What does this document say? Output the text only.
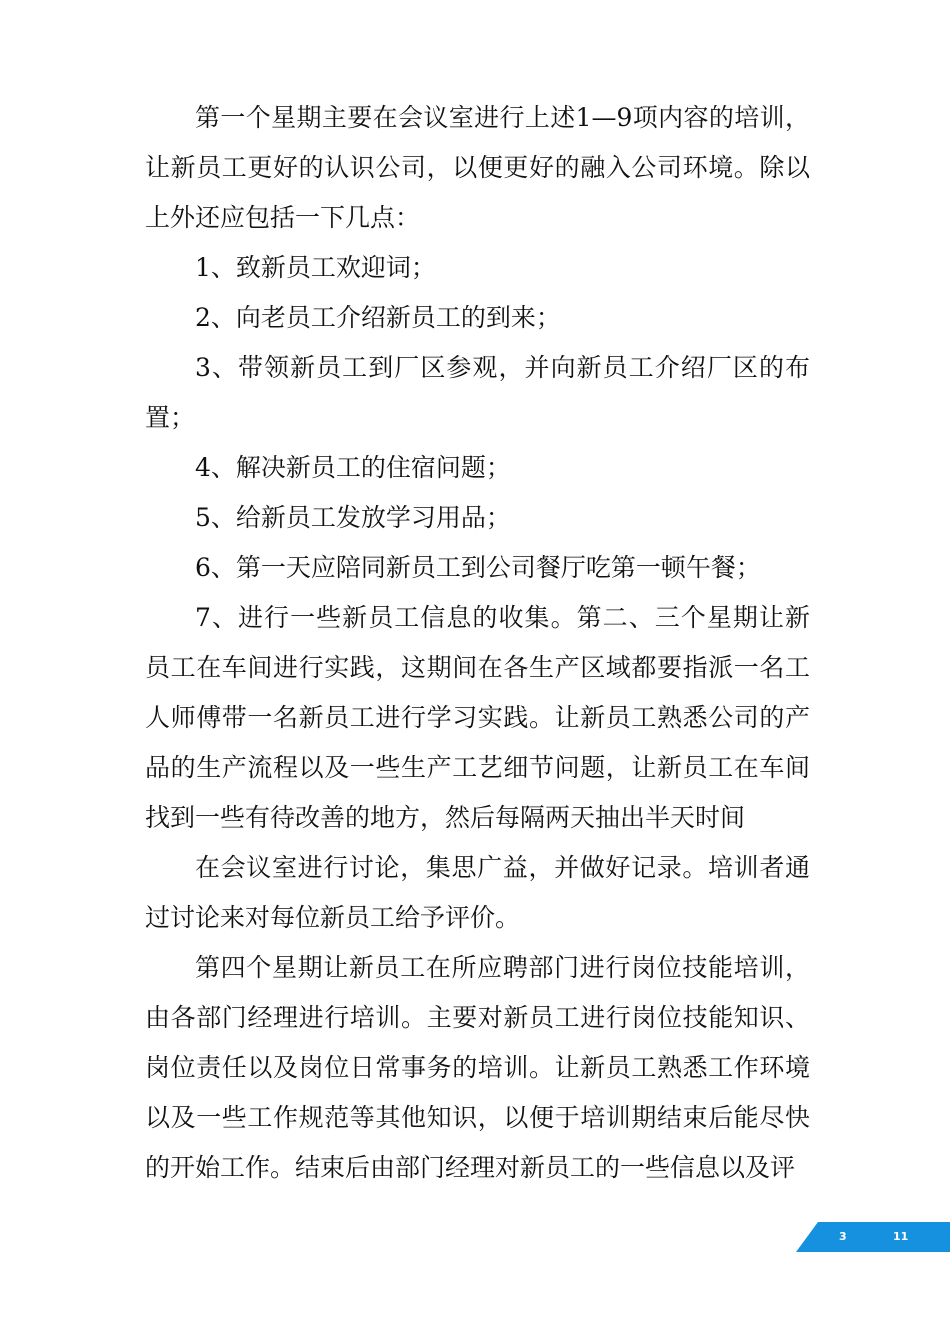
第一个星期主要在会议室进行上述1—9项内容的培训，让新员工更好的认识公司，以便更好的融入公司环境。除以上外还应包括一下几点：

1、致新员工欢迎词；

2、向老员工介绍新员工的到来；

3、带领新员工到厂区参观，并向新员工介绍厂区的布置；

4、解决新员工的住宿问题；

5、给新员工发放学习用品；

6、第一天应陪同新员工到公司餐厅吃第一顿午餐；

7、进行一些新员工信息的收集。第二、三个星期让新员工在车间进行实践，这期间在各生产区域都要指派一名工人师傅带一名新员工进行学习实践。让新员工熟悉公司的产品的生产流程以及一些生产工艺细节问题，让新员工在车间找到一些有待改善的地方，然后每隔两天抽出半天时间

在会议室进行讨论，集思广益，并做好记录。培训者通过讨论来对每位新员工给予评价。

第四个星期让新员工在所应聘部门进行岗位技能培训，由各部门经理进行培训。主要对新员工进行岗位技能知识、岗位责任以及岗位日常事务的培训。让新员工熟悉工作环境以及一些工作规范等其他知识，以便于培训期结束后能尽快的开始工作。结束后由部门经理对新员工的一些信息以及评

3	11
